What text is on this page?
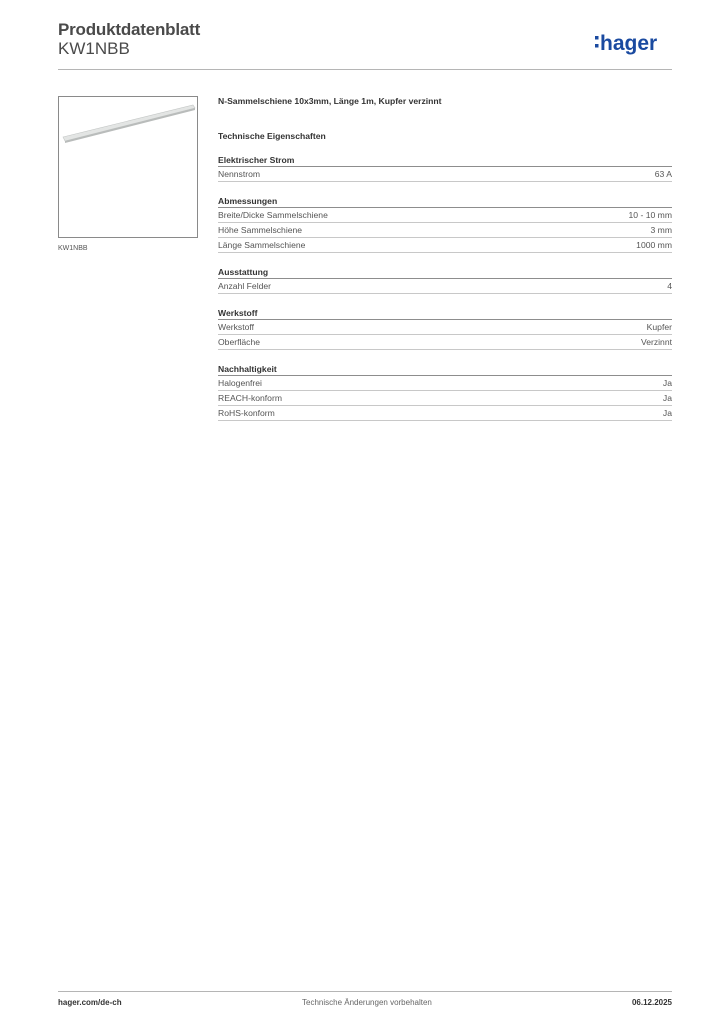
Produktdatenblatt
KW1NBB	hager
KW1NBB
N-Sammelschiene 10x3mm, Länge 1m, Kupfer verzinnt
Technische Eigenschaften
Elektrischer Strom
Nennstrom	63 A
Abmessungen
Breite/Dicke Sammelschiene	10 - 10 mm
Höhe Sammelschiene	3 mm
Länge Sammelschiene	1000 mm
Ausstattung
Anzahl Felder	4
Werkstoff
Werkstoff	Kupfer
Oberfläche	Verzinnt
Nachhaltigkeit
Halogenfrei	Ja
REACH-konform	Ja
RoHS-konform	Ja
hager.com/de-ch	Technische Änderungen vorbehalten	06.12.2025
